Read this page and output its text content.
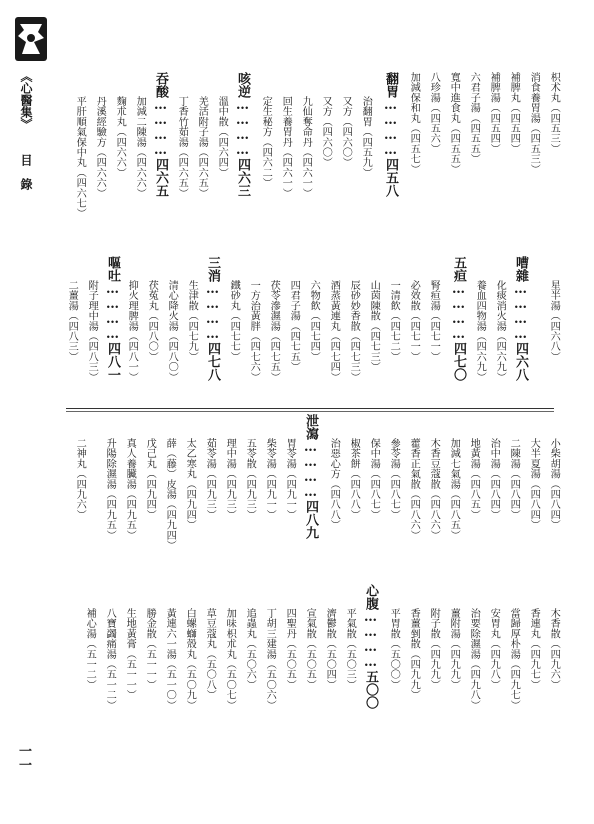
《心醫集》
目　錄
枳术丸（四五三）
消食養胃湯（四五三）
補脾丸（四五四）
補脾湯（四五四）
六君子湯（四五五）
寬中進食丸（四五五）
八珍湯（四五六）
加減保和丸（四五七）
翻胃…………四五八
治翻胃（四五九）
又方（四六〇）
又方（四六〇）
九仙奪命丹（四六一）
回生養胃丹（四六一）
定生秘方（四六二）
咳逆…………四六三
溫中散（四六四）
羌活附子湯（四六五）
丁香竹茹湯（四六五）
吞酸…………四六五
加減二陳湯（四六六）
麴朮丸（四六六）
丹溪經驗方（四六六）
平肝順氣保中丸（四六七）
星半湯（四六八）
嘈雜…………四六八
化痰消火湯（四六九）
養血四物湯（四六九）
五疸…………四七〇
腎疸湯（四七一）
必效散（四七一）
一清飲（四七二）
山茵陳散（四七三）
辰砂妙香散（四七三）
酒蒸黃連丸（四七四）
六物飲（四七四）
四君子湯（四七五）
茯苓滲濕湯（四七五）
一方治黃胖（四七六）
鐵砂丸（四七七）
三消…………四七八
生津散（四七九）
清心降火湯（四八〇）
茯菟丸（四八〇）
抑火理脾湯（四八一）
嘔吐…………四八一
附子理中湯（四八三）
二薑湯（四八三）
小柴胡湯（四八四）
大半夏湯（四八四）
二陳湯（四八四）
治中湯（四八四）
地黃湯（四八五）
加減七氣湯（四八五）
木香豆蔻散（四八六）
藿香正氣散（四八六）
參苓湯（四八七）
保中湯（四八七）
椒茶餅（四八八）
治惡心方（四八八）
泄瀉…………四八九
胃苓湯（四九一）
柴苓湯（四九一）
五苓散（四九三）
理中湯（四九三）
茹苓湯（四九三）
太乙寒丸（四九四）
薛（藤）皮湯（四九四）
戊己丸（四九四）
真人養臟湯（四九五）
升陽除濕湯（四九五）
二神丸（四九六）
木香散（四九六）
香連丸（四九七）
當歸厚朴湯（四九七）
安胃丸（四九八）
治要除濕湯（四九八）
薑附湯（四九九）
附子散（四九九）
香薑剉散（四九九）
平胃散（五〇〇）
心腹…………五〇〇
平氣散（五〇三）
濟鬱散（五〇四）
宣氣散（五〇五）
四聖丹（五〇五）
丁胡三建湯（五〇六）
追蟲丸（五〇六）
加味枳朮丸（五〇七）
草豆蔻丸（五〇八）
白螺螄殼丸（五〇九）
黃連六一湯（五一〇）
勝金散（五一一）
生地黃膏（五一一）
八寶蠲痛湯（五一二）
補心湯（五一二）
一一
